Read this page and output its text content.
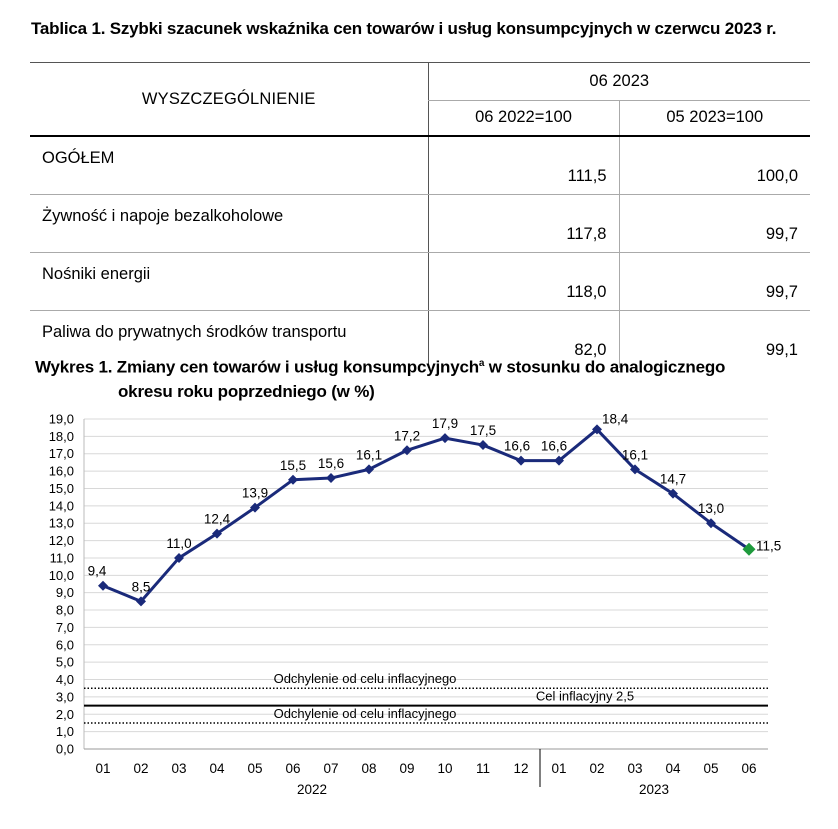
Tablica 1. Szybki szacunek wskaźnika cen towarów i usług konsumpcyjnych w czerwcu 2023 r.
WYSZCZEGÓLNIENIE	06 2023	
	06 2022=100	05 2023=100
OGÓŁEM	111,5	100,0
Żywność i napoje bezalkoholowe	117,8	99,7
Nośniki energii	118,0	99,7
Paliwa do prywatnych środków transportu	82,0	99,1
Wykres 1. Zmiany cen towarów i usług konsumpcyjnych$^a$ w stosunku do analogicznego
okresu roku poprzedniego (w %)
0,0
1,0
2,0
3,0
4,0
5,0
6,0
7,0
8,0
9,0
10,0
11,0
12,0
13,0
14,0
15,0
16,0
17,0
18,0
19,0
Odchylenie od celu inflacyjnego
Cel inflacyjny 2,5
Odchylenie od celu inflacyjnego
01 02 03 04 05 06 07 08 09 10 11 12 01 02 03 04 05 06
2022	2023
9,4
8,5
11,0
12,4
13,9
15,5 15,6
16,1
17,2
17,9 17,5
16,6 16,6
18,4
16,1
14,7
13,0
11,5
